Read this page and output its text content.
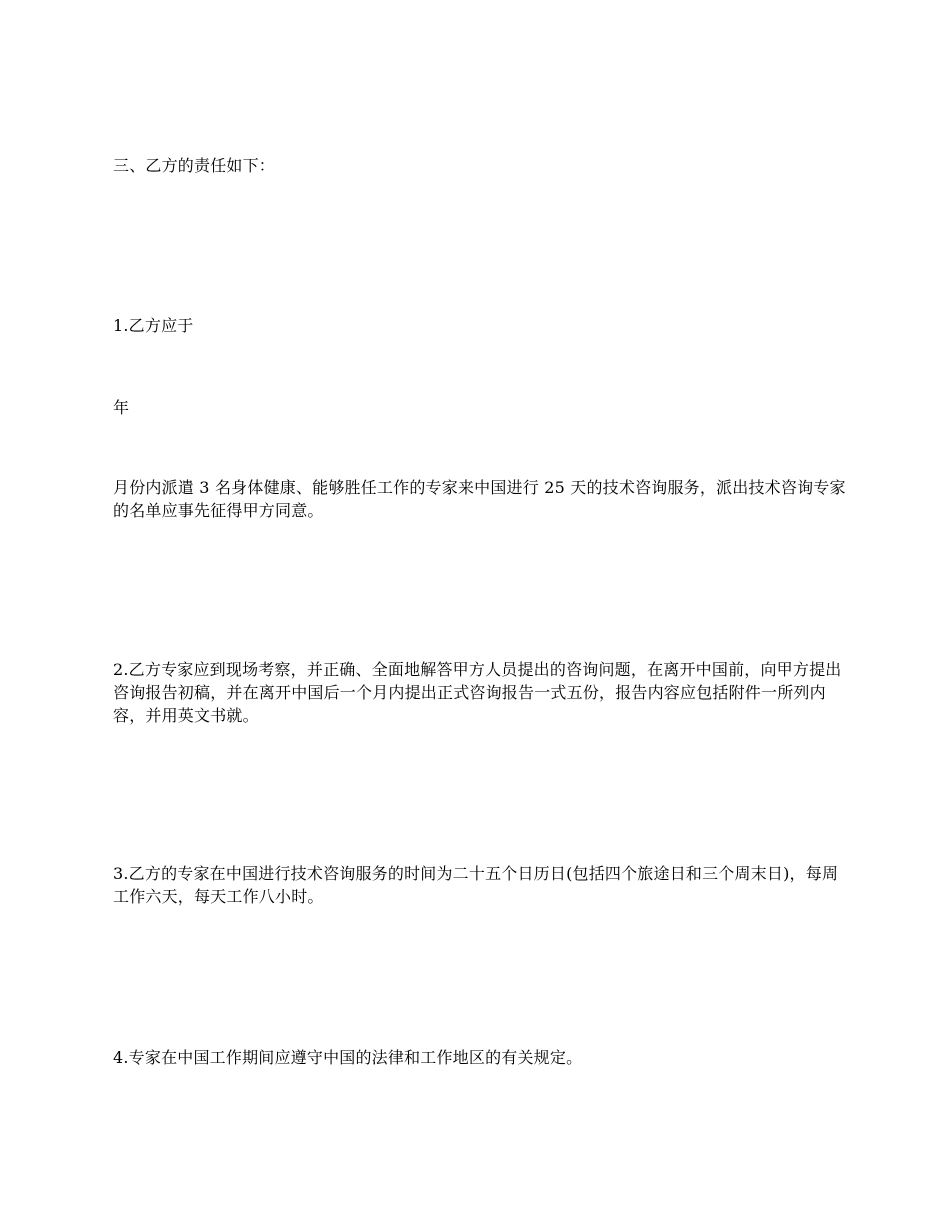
三、乙方的责任如下：

1.乙方应于

年

月份内派遣 3 名身体健康、能够胜任工作的专家来中国进行 25 天的技术咨询服务，派出技术咨询专家的名单应事先征得甲方同意。

2.乙方专家应到现场考察，并正确、全面地解答甲方人员提出的咨询问题，在离开中国前，向甲方提出咨询报告初稿，并在离开中国后一个月内提出正式咨询报告一式五份，报告内容应包括附件一所列内容，并用英文书就。

3.乙方的专家在中国进行技术咨询服务的时间为二十五个日历日(包括四个旅途日和三个周末日)，每周工作六天，每天工作八小时。

4.专家在中国工作期间应遵守中国的法律和工作地区的有关规定。
